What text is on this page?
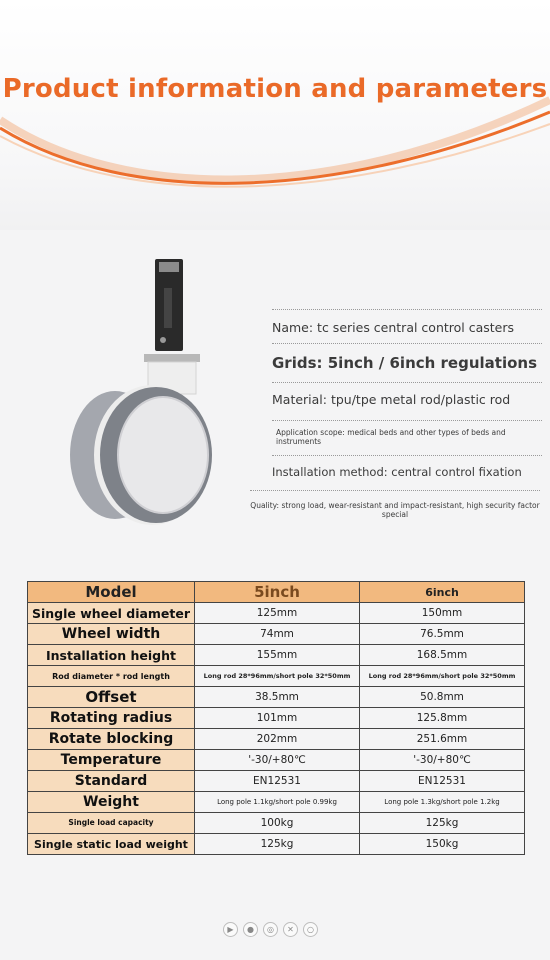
Product information and parameters
Name: tc series central control casters
Grids: 5inch / 6inch regulations
Material: tpu/tpe metal rod/plastic rod
Application scope: medical beds and other types of beds and instruments
Installation method: central control fixation
Quality: strong load, wear-resistant and impact-resistant, high security factor special
Model	5inch	6inch
Single wheel diameter	125mm	150mm
Wheel width	74mm	76.5mm
Installation height	155mm	168.5mm
Rod diameter * rod length	Long rod 28*96mm/short pole 32*50mm	Long rod 28*96mm/short pole 32*50mm
Offset	38.5mm	50.8mm
Rotating radius	101mm	125.8mm
Rotate blocking	202mm	251.6mm
Temperature	'-30/+80℃	'-30/+80℃
Standard	EN12531	EN12531
Weight	Long pole 1.1kg/short pole 0.99kg	Long pole 1.3kg/short pole 1.2kg
Single load capacity	100kg	125kg
Single static load weight	125kg	150kg
▶	●	◎	✕	○
